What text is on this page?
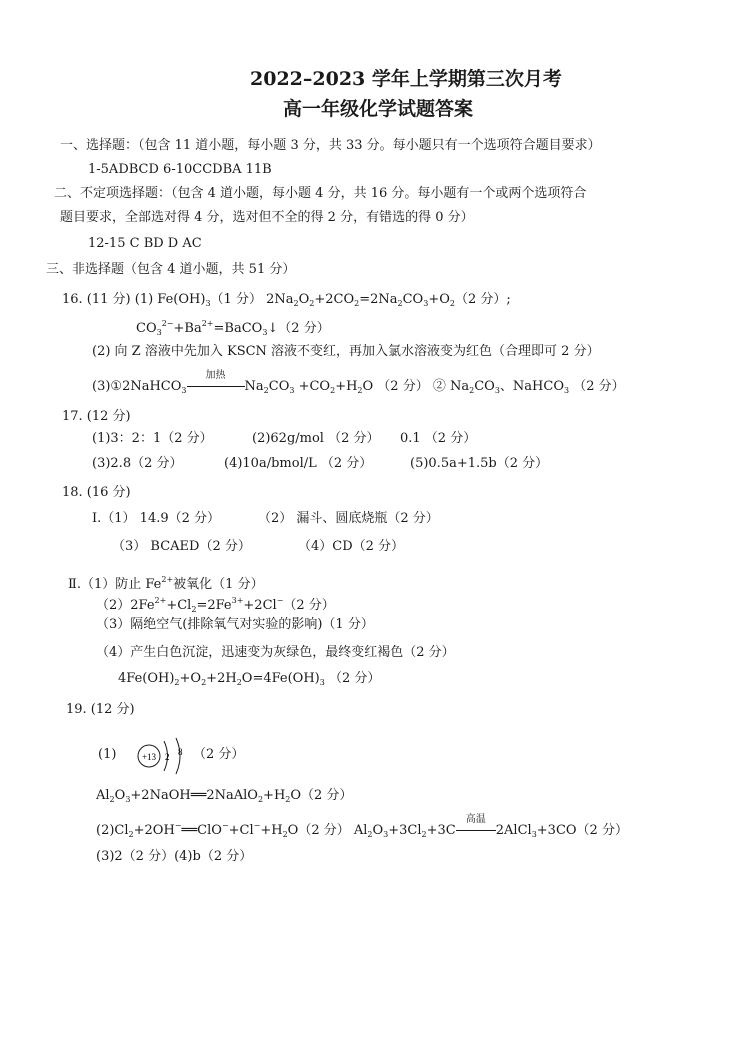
2022–2023 学年上学期第三次月考
高一年级化学试题答案
一、选择题：（包含 11 道小题，每小题 3 分，共 33 分。每小题只有一个选项符合题目要求）
1-5ADBCD 6-10CCDBA 11B
二、不定项选择题：（包含 4 道小题，每小题 4 分，共 16 分。每小题有一个或两个选项符合
题目要求，全部选对得 4 分，选对但不全的得 2 分，有错选的得 0 分）
12-15 C BD D AC
三、非选择题（包含 4 道小题，共 51 分）
16. (11 分) (1) $Fe(OH)_3(1$ 分） $2Na_2O_2+2CO_2=2Na_2CO_3+O_2(2$ 分）;
$CO_3^{2-}+Ba^{2+}=BaCO_3↓(2$ 分）
(2) 向 Z 溶液中先加入 KSCN 溶液不变红，再加入氯水溶液变为红色（合理即可 2 分）
(3)①2NaHCO$_3$
加热
$Na_2CO_3 +CO_2+H_2O$ （2 分） ② $Na_2CO_3$、NaHCO$_3$ （2 分）
17. (12 分)
(1)3：2：1（2 分）	(2)62g/mol （2 分） 0.1 （2 分）
(3)2.8（2 分）	(4)10a/bmol/L （2 分）	(5)0.5a+1.5b（2 分）
18. (16 分)
Ⅰ.（1） 14.9（2 分）	（2） 漏斗、圆底烧瓶（2 分）
（3） BCAED（2 分）	（4）CD（2 分）
Ⅱ.（1）防止 $Fe^{2+}$被氧化（1 分）
$(2)2Fe^{2+}+Cl_2=2Fe^{3+}+2Cl^-(2$ 分）
（3）隔绝空气(排除氧气对实验的影响)（1 分）
（4）产生白色沉淀，迅速变为灰绿色，最终变红褐色（2 分）
$4Fe(OH)_2+O_2+2H_2O=4Fe(OH)_3$ （2 分）
19. (12 分)
(1)	+13 2 8 （2 分）
$Al_2O_3+2NaOH══2NaAlO_2+H_2O(2$ 分）
$(2)Cl_2+2OH^-══ClO^-+Cl^-+H_2O(2$ 分） $Al_2O_3+3Cl_2+3C$
高温
2AlCl$_3$+3CO（2 分）
(3)2（2 分）(4)b（2 分）
